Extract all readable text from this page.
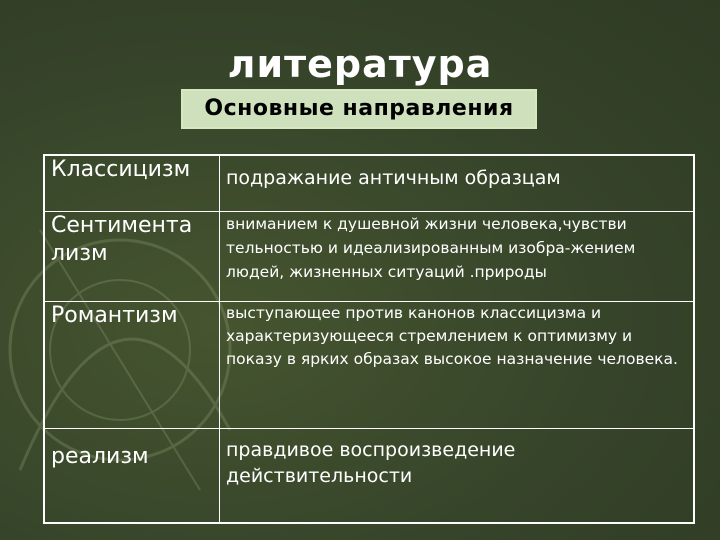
литература
Основные направления
Классицизм	подражание античным образцам
Сентимента лизм	вниманием к душевной жизни человека,чувстви тельностью и идеализированным изобра-жением людей, жизненных ситуаций .природы
Романтизм	выступающее против канонов классицизма и характеризующееся стремлением к оптимизму и показу в ярких образах высокое назначение человека.
реализм	правдивое воспроизведение действительности
